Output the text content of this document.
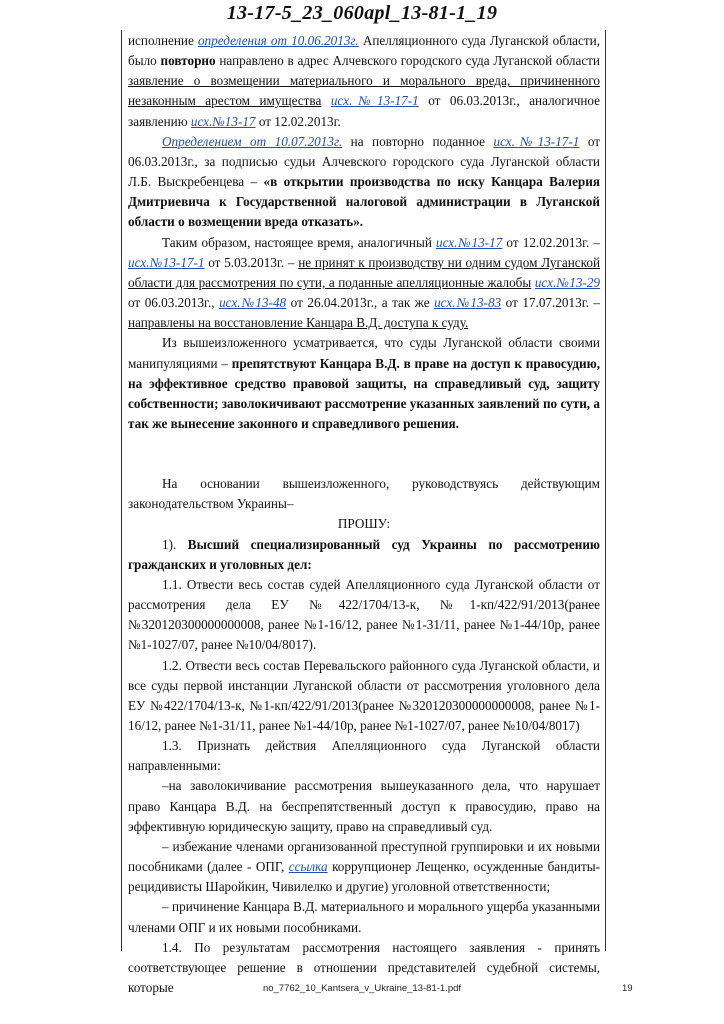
13-17-5_23_060apl_13-81-1_19

исполнение определения от 10.06.2013г. Апелляционного суда Луганской области, было повторно направлено в адрес Алчевского городского суда Луганской области заявление о возмещении материального и морального вреда, причиненного незаконным арестом имущества исх.№13-17-1 от 06.03.2013г., аналогичное заявлению исх.№13-17 от 12.02.2013г.

Определением от 10.07.2013г. на повторно поданное исх.№13-17-1 от 06.03.2013г., за подписью судьи Алчевского городского суда Луганской области Л.Б. Выскребенцева – «в открытии производства по иску Канцара Валерия Дмитриевича к Государственной налоговой администрации в Луганской области о возмещении вреда отказать».

Таким образом, настоящее время, аналогичный исх.№13-17 от 12.02.2013г. – исх.№13-17-1 от 5.03.2013г. – не принят к производству ни одним судом Луганской области для рассмотрения по сути, а поданные апелляционные жалобы исх.№13-29 от 06.03.2013г., исх.№13-48 от 26.04.2013г., а так же исх.№13-83 от 17.07.2013г. – направлены на восстановление Канцара В.Д. доступа к суду.

Из вышеизложенного усматривается, что суды Луганской области своими манипуляциями – препятствуют Канцара В.Д. в праве на доступ к правосудию, на эффективное средство правовой защиты, на справедливый суд, защиту собственности; заволокичивают рассмотрение указанных заявлений по сути, а так же вынесение законного и справедливого решения.

На основании вышеизложенного, руководствуясь действующим законодательством Украины–

ПРОШУ:

1). Высший специализированный суд Украины по рассмотрению гражданских и уголовных дел:

1.1. Отвести весь состав судей Апелляционного суда Луганской области от рассмотрения дела ЕУ №422/1704/13-к, №1-кп/422/91/2013(ранее №320120300000000008, ранее №1-16/12, ранее №1-31/11, ранее №1-44/10р, ранее №1-1027/07, ранее №10/04/8017).

1.2. Отвести весь состав Перевальского районного суда Луганской области, и все суды первой инстанции Луганской области от рассмотрения уголовного дела ЕУ №422/1704/13-к, №1-кп/422/91/2013(ранее №320120300000000008, ранее №1-16/12, ранее №1-31/11, ранее №1-44/10р, ранее №1-1027/07, ранее №10/04/8017)

1.3. Признать действия Апелляционного суда Луганской области направленными:

–на заволокичивание рассмотрения вышеуказанного дела, что нарушает право Канцара В.Д. на беспрепятственный доступ к правосудию, право на эффективную юридическую защиту, право на справедливый суд.

– избежание членами организованной преступной группировки и их новыми пособниками (далее - ОПГ, ссылка коррупционер Лещенко, осужденные бандиты-рецидивисты Шаройкин, Чивилелко и другие) уголовной ответственности;

– причинение Канцара В.Д. материального и морального ущерба указанными членами ОПГ и их новыми пособниками.

1.4. По результатам рассмотрения настоящего заявления - принять соответствующее решение в отношении представителей судебной системы, которые	no_7762_10_Kantsera_v_Ukraine_13-81-1.pdf	19
